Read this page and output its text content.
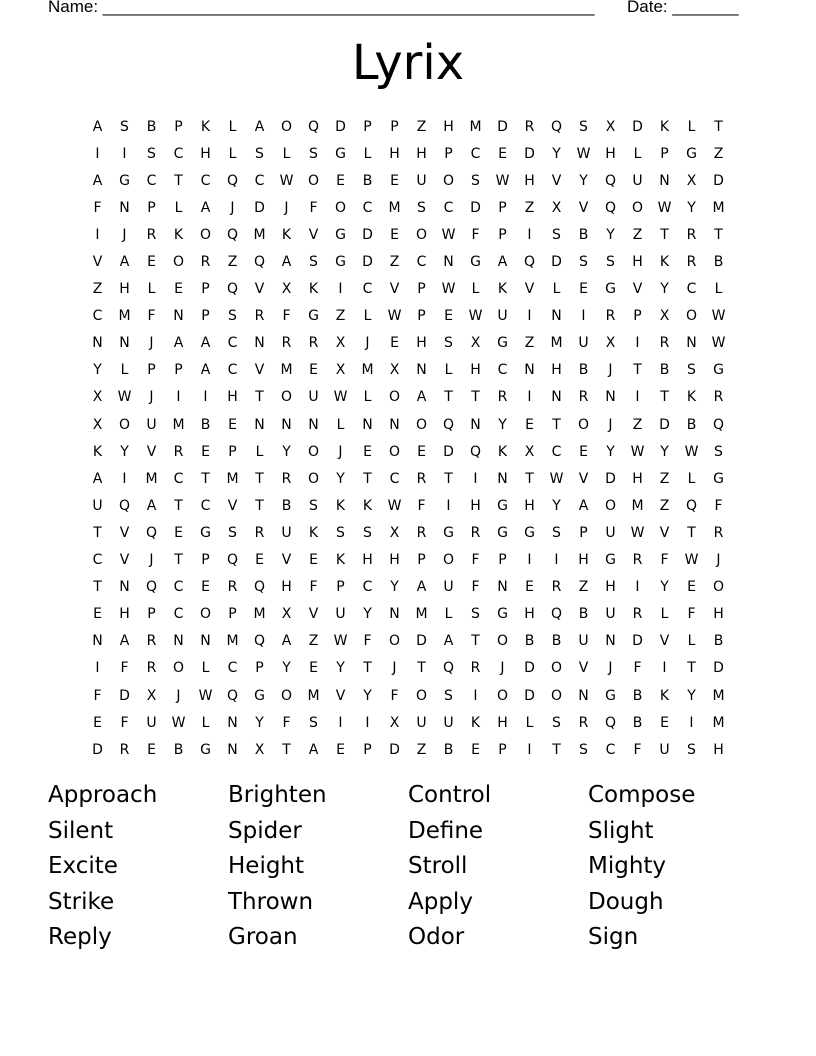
Name: ____________________________________________________ Date: _______
Lyrix
A	S	B	P	K	L	A	O	Q	D	P	P	Z	H	M	D	R	Q	S	X	D	K	L	T
I	I	S	C	H	L	S	L	S	G	L	H	H	P	C	E	D	Y	W	H	L	P	G	Z
A	G	C	T	C	Q	C	W	O	E	B	E	U	O	S	W	H	V	Y	Q	U	N	X	D
F	N	P	L	A	J	D	J	F	O	C	M	S	C	D	P	Z	X	V	Q	O	W	Y	M
I	J	R	K	O	Q	M	K	V	G	D	E	O	W	F	P	I	S	B	Y	Z	T	R	T
V	A	E	O	R	Z	Q	A	S	G	D	Z	C	N	G	A	Q	D	S	S	H	K	R	B
Z	H	L	E	P	Q	V	X	K	I	C	V	P	W	L	K	V	L	E	G	V	Y	C	L
C	M	F	N	P	S	R	F	G	Z	L	W	P	E	W	U	I	N	I	R	P	X	O	W
N	N	J	A	A	C	N	R	R	X	J	E	H	S	X	G	Z	M	U	X	I	R	N	W
Y	L	P	P	A	C	V	M	E	X	M	X	N	L	H	C	N	H	B	J	T	B	S	G
X	W	J	I	I	H	T	O	U	W	L	O	A	T	T	R	I	N	R	N	I	T	K	R
X	O	U	M	B	E	N	N	N	L	N	N	O	Q	N	Y	E	T	O	J	Z	D	B	Q
K	Y	V	R	E	P	L	Y	O	J	E	O	E	D	Q	K	X	C	E	Y	W	Y	W	S
A	I	M	C	T	M	T	R	O	Y	T	C	R	T	I	N	T	W	V	D	H	Z	L	G
U	Q	A	T	C	V	T	B	S	K	K	W	F	I	H	G	H	Y	A	O	M	Z	Q	F
T	V	Q	E	G	S	R	U	K	S	S	X	R	G	R	G	G	S	P	U	W	V	T	R
C	V	J	T	P	Q	E	V	E	K	H	H	P	O	F	P	I	I	H	G	R	F	W	J
T	N	Q	C	E	R	Q	H	F	P	C	Y	A	U	F	N	E	R	Z	H	I	Y	E	O
E	H	P	C	O	P	M	X	V	U	Y	N	M	L	S	G	H	Q	B	U	R	L	F	H
N	A	R	N	N	M	Q	A	Z	W	F	O	D	A	T	O	B	B	U	N	D	V	L	B
I	F	R	O	L	C	P	Y	E	Y	T	J	T	Q	R	J	D	O	V	J	F	I	T	D
F	D	X	J	W	Q	G	O	M	V	Y	F	O	S	I	O	D	O	N	G	B	K	Y	M
E	F	U	W	L	N	Y	F	S	I	I	X	U	U	K	H	L	S	R	Q	B	E	I	M
D	R	E	B	G	N	X	T	A	E	P	D	Z	B	E	P	I	T	S	C	F	U	S	H
Approach	Brighten	Control	Compose
Silent	Spider	Define	Slight
Excite	Height	Stroll	Mighty
Strike	Thrown	Apply	Dough
Reply	Groan	Odor	Sign
